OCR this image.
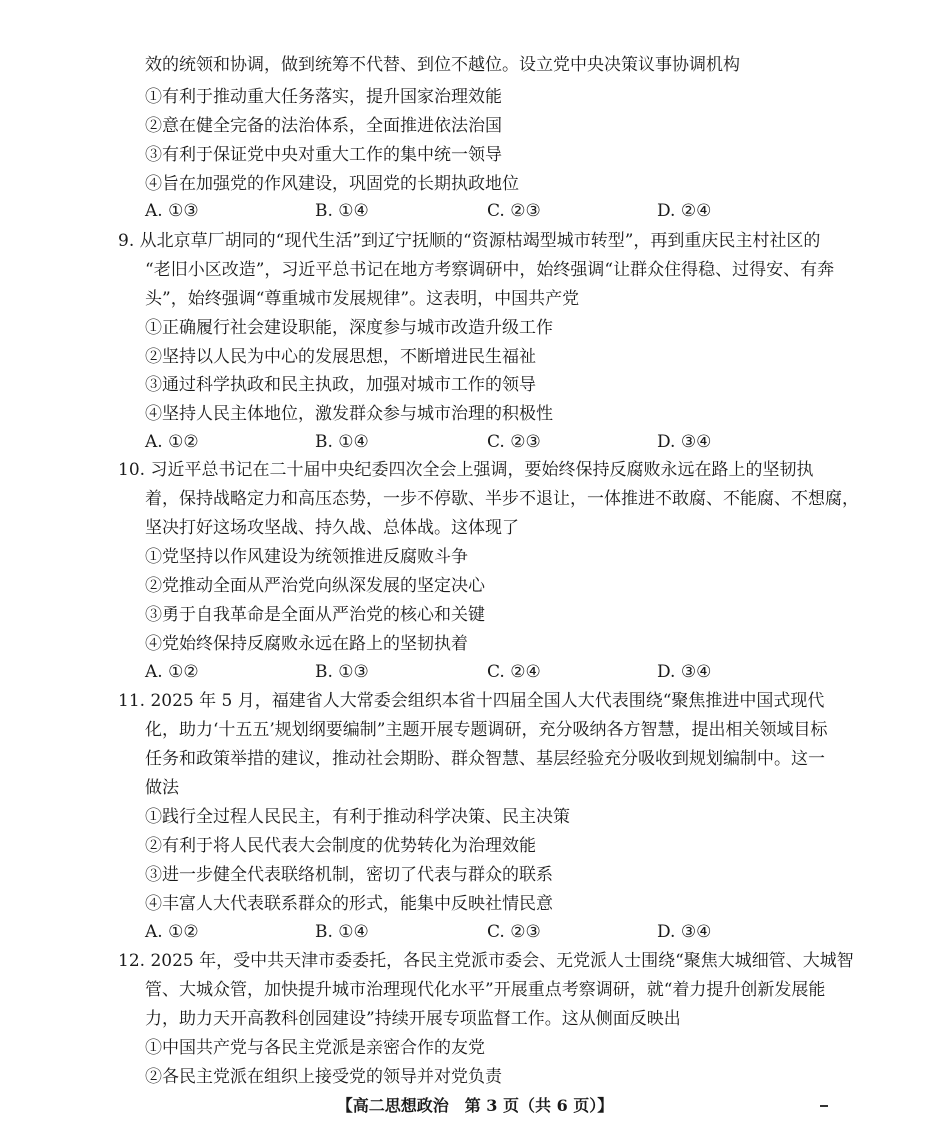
效的统领和协调，做到统筹不代替、到位不越位。设立党中央决策议事协调机构
①有利于推动重大任务落实，提升国家治理效能
②意在健全完备的法治体系，全面推进依法治国
③有利于保证党中央对重大工作的集中统一领导
④旨在加强党的作风建设，巩固党的长期执政地位
A. ①③	B. ①④	C. ②③	D. ②④
9. 从北京草厂胡同的“现代生活”到辽宁抚顺的“资源枯竭型城市转型”，再到重庆民主村社区的
“老旧小区改造”，习近平总书记在地方考察调研中，始终强调“让群众住得稳、过得安、有奔
头”，始终强调“尊重城市发展规律”。这表明，中国共产党
①正确履行社会建设职能，深度参与城市改造升级工作
②坚持以人民为中心的发展思想，不断增进民生福祉
③通过科学执政和民主执政，加强对城市工作的领导
④坚持人民主体地位，激发群众参与城市治理的积极性
A. ①②	B. ①④	C. ②③	D. ③④
10. 习近平总书记在二十届中央纪委四次全会上强调，要始终保持反腐败永远在路上的坚韧执
着，保持战略定力和高压态势，一步不停歇、半步不退让，一体推进不敢腐、不能腐、不想腐，
坚决打好这场攻坚战、持久战、总体战。这体现了
①党坚持以作风建设为统领推进反腐败斗争
②党推动全面从严治党向纵深发展的坚定决心
③勇于自我革命是全面从严治党的核心和关键
④党始终保持反腐败永远在路上的坚韧执着
A. ①②	B. ①③	C. ②④	D. ③④
11. 2025 年 5 月，福建省人大常委会组织本省十四届全国人大代表围绕“聚焦推进中国式现代
化，助力‘十五五’规划纲要编制”主题开展专题调研，充分吸纳各方智慧，提出相关领域目标
任务和政策举措的建议，推动社会期盼、群众智慧、基层经验充分吸收到规划编制中。这一
做法
①践行全过程人民民主，有利于推动科学决策、民主决策
②有利于将人民代表大会制度的优势转化为治理效能
③进一步健全代表联络机制，密切了代表与群众的联系
④丰富人大代表联系群众的形式，能集中反映社情民意
A. ①②	B. ①④	C. ②③	D. ③④
12. 2025 年，受中共天津市委委托，各民主党派市委会、无党派人士围绕“聚焦大城细管、大城智
管、大城众管，加快提升城市治理现代化水平”开展重点考察调研，就“着力提升创新发展能
力，助力天开高教科创园建设”持续开展专项监督工作。这从侧面反映出
①中国共产党与各民主党派是亲密合作的友党
②各民主党派在组织上接受党的领导并对党负责
【高二思想政治　第 3 页（共 6 页）】
